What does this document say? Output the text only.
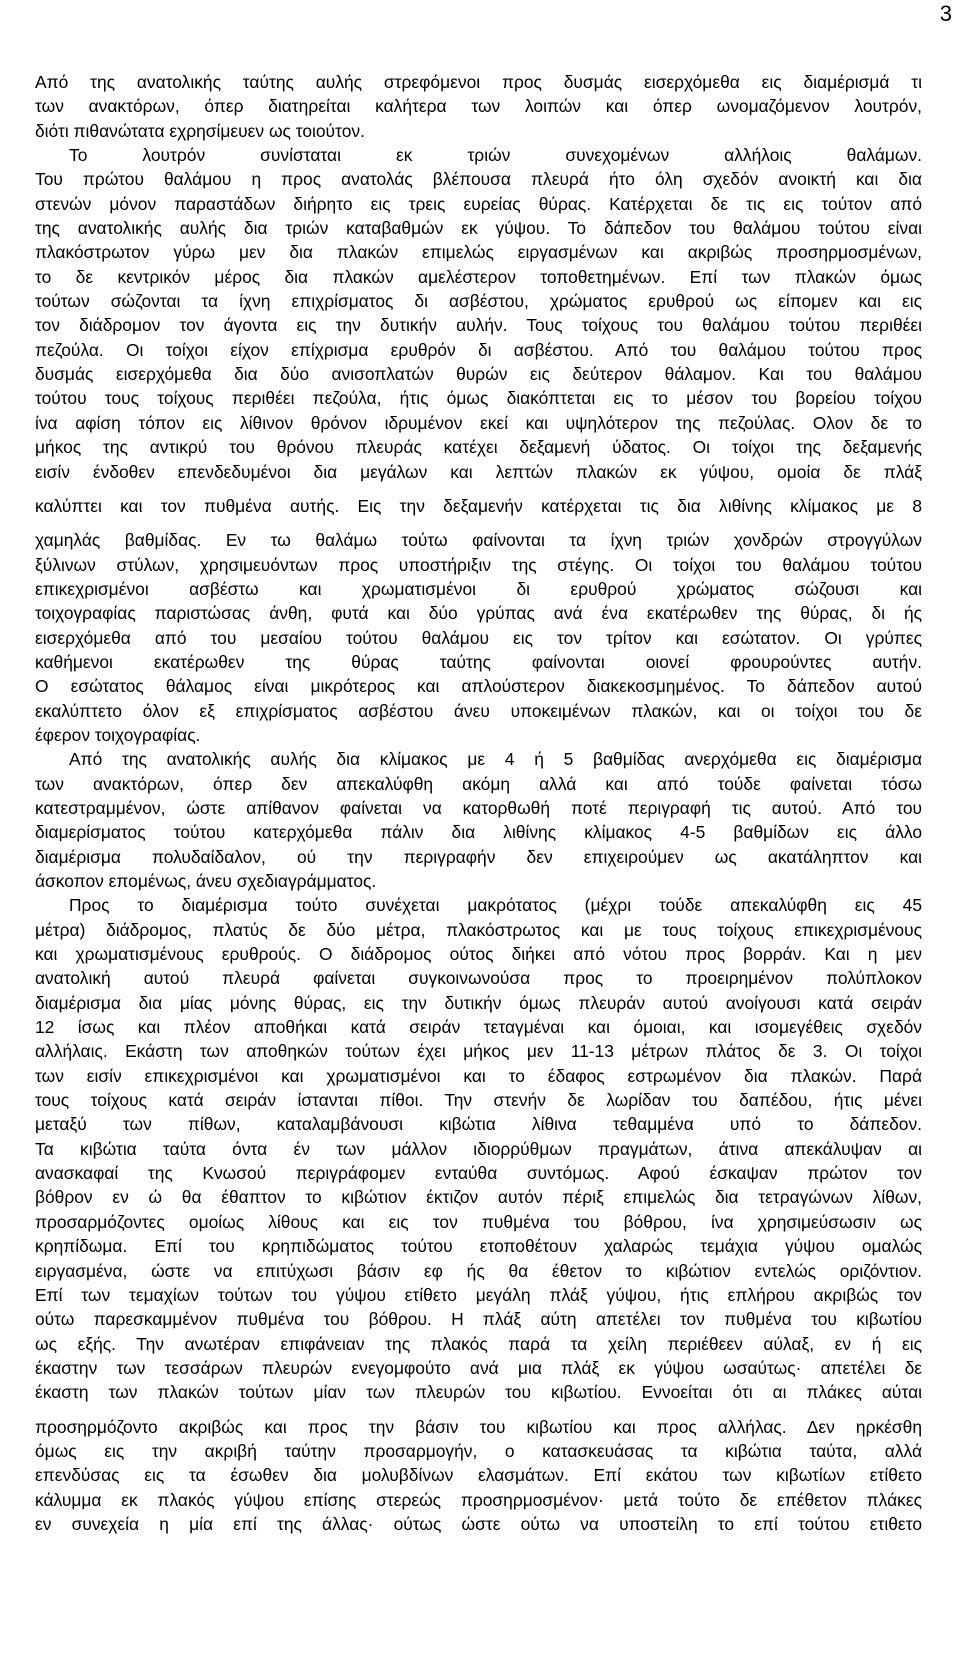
3
Από της ανατολικής ταύτης αυλής στρεφόμενοι προς δυσμάς εισερχόμεθα εις διαμέρισμά τι
των ανακτόρων, όπερ διατηρείται καλήτερα των λοιπών και όπερ ωνομαζόμενον λουτρόν,
διότι πιθανώτατα εχρησίμευεν ως τοιούτον.
Το λουτρόν συνίσταται εκ τριών συνεχομένων αλλήλοις θαλάμων.
Του πρώτου θαλάμου η προς ανατολάς βλέπουσα πλευρά ήτο όλη σχεδόν ανοικτή και δια
στενών μόνον παραστάδων διήρητο εις τρεις ευρείας θύρας. Κατέρχεται δε τις εις τούτον από
της ανατολικής αυλής δια τριών καταβαθμών εκ γύψου. Το δάπεδον του θαλάμου τούτου είναι
πλακόστρωτον γύρω μεν δια πλακών επιμελώς ειργασμένων και ακριβώς προσηρμοσμένων,
το δε κεντρικόν μέρος δια πλακών αμελέστερον τοποθετημένων. Επί των πλακών όμως
τούτων σώζονται τα ίχνη επιχρίσματος δι ασβέστου, χρώματος ερυθρού ως είπομεν και εις
τον διάδρομον τον άγοντα εις την δυτικήν αυλήν. Τους τοίχους του θαλάμου τούτου περιθέει
πεζούλα. Οι τοίχοι είχον επίχρισμα ερυθρόν δι ασβέστου. Από του θαλάμου τούτου προς
δυσμάς εισερχόμεθα δια δύο ανισοπλατών θυρών εις δεύτερον θάλαμον. Και του θαλάμου
τούτου τους τοίχους περιθέει πεζούλα, ήτις όμως διακόπτεται εις το μέσον του βορείου τοίχου
ίνα αφίση τόπον εις λίθινον θρόνον ιδρυμένον εκεί και υψηλότερον της πεζούλας. Ολον δε το
μήκος της αντικρύ του θρόνου πλευράς κατέχει δεξαμενή ύδατος. Οι τοίχοι της δεξαμενής
εισίν ένδοθεν επενδεδυμένοι δια μεγάλων και λεπτών πλακών εκ γύψου, ομοία δε πλάξ
καλύπτει και τον πυθμένα αυτής. Εις την δεξαμενήν κατέρχεται τις δια λιθίνης κλίμακος με 8
χαμηλάς βαθμίδας. Εν τω θαλάμω τούτω φαίνονται τα ίχνη τριών χονδρών στρογγύλων
ξύλινων στύλων, χρησιμευόντων προς υποστήριξιν της στέγης. Οι τοίχοι του θαλάμου τούτου
επικεχρισμένοι ασβέστω και χρωματισμένοι δι ερυθρού χρώματος σώζουσι και
τοιχογραφίας παριστώσας άνθη, φυτά και δύο γρύπας ανά ένα εκατέρωθεν της θύρας, δι ής
εισερχόμεθα από του μεσαίου τούτου θαλάμου εις τον τρίτον και εσώτατον. Οι γρύπες
καθήμενοι εκατέρωθεν της θύρας ταύτης φαίνονται οιονεί φρουρούντες αυτήν.
Ο εσώτατος θάλαμος είναι μικρότερος και απλούστερον διακεκοσμημένος. Το δάπεδον αυτού
εκαλύπτετο όλον εξ επιχρίσματος ασβέστου άνευ υποκειμένων πλακών, και οι τοίχοι του δε
έφερον τοιχογραφίας.
Από της ανατολικής αυλής δια κλίμακος με 4 ή 5 βαθμίδας ανερχόμεθα εις διαμέρισμα
των ανακτόρων, όπερ δεν απεκαλύφθη ακόμη αλλά και από τούδε φαίνεται τόσω
κατεστραμμένον, ώστε απίθανον φαίνεται να κατορθωθή ποτέ περιγραφή τις αυτού. Από του
διαμερίσματος τούτου κατερχόμεθα πάλιν δια λιθίνης κλίμακος 4-5 βαθμίδων εις άλλο
διαμέρισμα πολυδαίδαλον, ού την περιγραφήν δεν επιχειρούμεν ως ακατάληπτον και
άσκοπον επομένως, άνευ σχεδιαγράμματος.
Προς το διαμέρισμα τούτο συνέχεται μακρότατος (μέχρι τούδε απεκαλύφθη εις 45
μέτρα) διάδρομος, πλατύς δε δύο μέτρα, πλακόστρωτος και με τους τοίχους επικεχρισμένους
και χρωματισμένους ερυθρούς. Ο διάδρομος ούτος διήκει από νότου προς βορράν. Και η μεν
ανατολική αυτού πλευρά φαίνεται συγκοινωνούσα προς το προειρημένον πολύπλοκον
διαμέρισμα δια μίας μόνης θύρας, εις την δυτικήν όμως πλευράν αυτού ανοίγουσι κατά σειράν
12 ίσως και πλέον αποθήκαι κατά σειράν τεταγμέναι και όμοιαι, και ισομεγέθεις σχεδόν
αλλήλαις. Εκάστη των αποθηκών τούτων έχει μήκος μεν 11-13 μέτρων πλάτος δε 3. Οι τοίχοι
των εισίν επικεχρισμένοι και χρωματισμένοι και το έδαφος εστρωμένον δια πλακών. Παρά
τους τοίχους κατά σειράν ίστανται πίθοι. Την στενήν δε λωρίδαν του δαπέδου, ήτις μένει
μεταξύ των πίθων, καταλαμβάνουσι κιβώτια λίθινα τεθαμμένα υπό το δάπεδον.
Τα κιβώτια ταύτα όντα έν των μάλλον ιδιορρύθμων πραγμάτων, άτινα απεκάλυψαν αι
ανασκαφαί της Κνωσού περιγράφομεν ενταύθα συντόμως. Αφού έσκαψαν πρώτον τον
βόθρον εν ώ θα έθαπτον το κιβώτιον έκτιζον αυτόν πέριξ επιμελώς δια τετραγώνων λίθων,
προσαρμόζοντες ομοίως λίθους και εις τον πυθμένα του βόθρου, ίνα χρησιμεύσωσιν ως
κρηπίδωμα. Επί του κρηπιδώματος τούτου ετοποθέτουν χαλαρώς τεμάχια γύψου ομαλώς
ειργασμένα, ώστε να επιτύχωσι βάσιν εφ ής θα έθετον το κιβώτιον εντελώς οριζόντιον.
Επί των τεμαχίων τούτων του γύψου ετίθετο μεγάλη πλάξ γύψου, ήτις επλήρου ακριβώς τον
ούτω παρεσκαμμένον πυθμένα του βόθρου. Η πλάξ αύτη απετέλει τον πυθμένα του κιβωτίου
ως εξής. Την ανωτέραν επιφάνειαν της πλακός παρά τα χείλη περιέθεεν αύλαξ, εν ή εις
έκαστην των τεσσάρων πλευρών ενεγομφούτο ανά μια πλάξ εκ γύψου ωσαύτως· απετέλει δε
έκαστη των πλακών τούτων μίαν των πλευρών του κιβωτίου. Εννοείται ότι αι πλάκες αύται
προσηρμόζοντο ακριβώς και προς την βάσιν του κιβωτίου και προς αλλήλας. Δεν ηρκέσθη
όμως εις την ακριβή ταύτην προσαρμογήν, ο κατασκευάσας τα κιβώτια ταύτα, αλλά
επενδύσας εις τα έσωθεν δια μολυβδίνων ελασμάτων. Επί εκάτου των κιβωτίων ετίθετο
κάλυμμα εκ πλακός γύψου επίσης στερεώς προσηρμοσμένον· μετά τούτο δε επέθετον πλάκες
εν συνεχεία η μία επί της άλλας· ούτως ώστε ούτω να υποστείλη το επί τούτου ετιθετο
